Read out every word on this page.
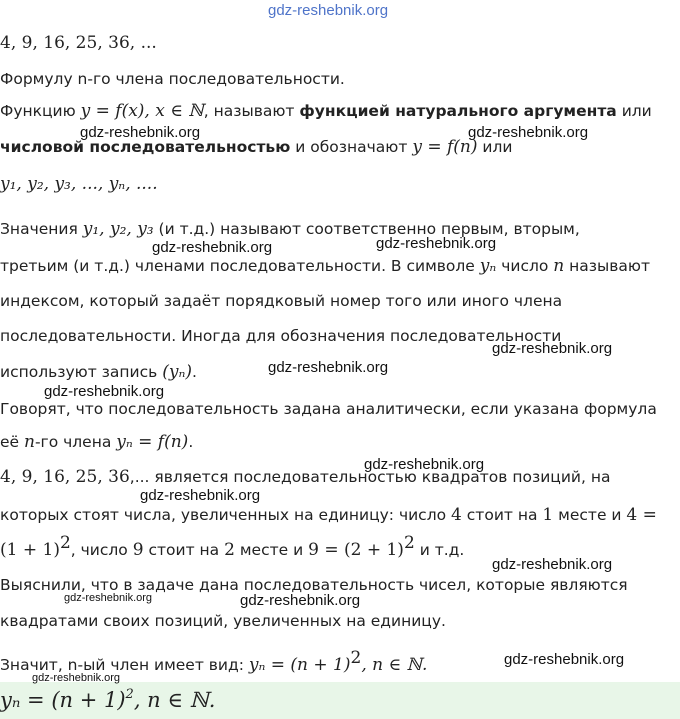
gdz-reshebnik.org
4, 9, 16, 25, 36, ...
Формулу n-го члена последовательности.
Функцию y = f(x), x ∈ ℕ, называют функцией натурального аргумента или
числовой последовательностью и обозначают y = f(n) или
y₁, y₂, y₃, ..., yₙ, ....
Значения y₁, y₂, y₃ (и т.д.) называют соответственно первым, вторым,
третьим (и т.д.) членами последовательности. В символе yₙ число n называют
индексом, который задаёт порядковый номер того или иного члена
последовательности. Иногда для обозначения последовательности
используют запись (yₙ).
Говорят, что последовательность задана аналитически, если указана формула
её n-го члена yₙ = f(n).
4, 9, 16, 25, 36,... является последовательностью квадратов позиций, на
которых стоят числа, увеличенных на единицу: число 4 стоит на 1 месте и 4 =
$(1 + 1)^2$, число 9 стоит на 2 месте и $9 = (2 + 1)^2$ и т.д.
Выяснили, что в задаче дана последовательность чисел, которые являются
квадратами своих позиций, увеличенных на единицу.
Значит, n-ый член имеет вид: $y_n = (n + 1)^2$, n ∈ ℕ.
$y_n = (n + 1)^2$, n ∈ ℕ.
gdz-reshebnik.org	gdz-reshebnik.org
gdz-reshebnik.org	gdz-reshebnik.org
gdz-reshebnik.org
gdz-reshebnik.org
gdz-reshebnik.org
gdz-reshebnik.org
gdz-reshebnik.org
gdz-reshebnik.org
gdz-reshebnik.org	gdz-reshebnik.org
gdz-reshebnik.org
gdz-reshebnik.org
